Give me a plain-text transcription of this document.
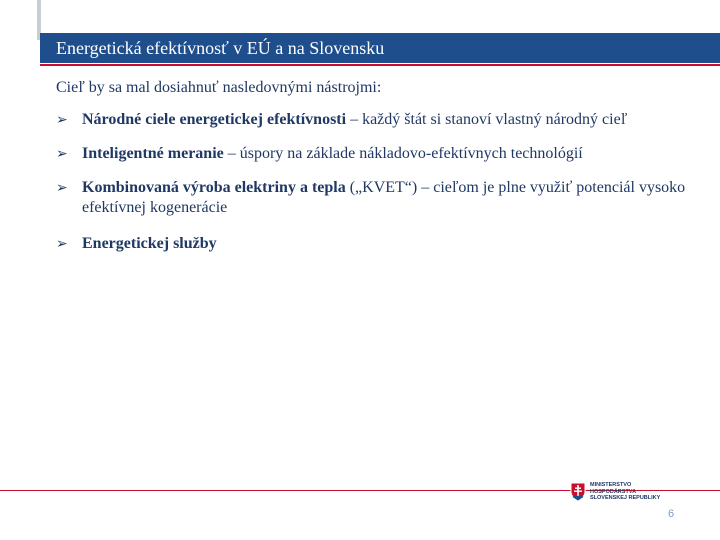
Energetická efektívnosť v EÚ a na Slovensku
Cieľ by sa mal dosiahnuť nasledovnými nástrojmi:
➢ Národné ciele energetickej efektívnosti – každý štát si stanoví vlastný národný cieľ
➢ Inteligentné meranie – úspory na základe nákladovo-efektívnych technológií
➢ Kombinovaná výroba elektriny a tepla („KVET“) – cieľom je plne využiť potenciál vysoko efektívnej kogenerácie
➢ Energetickej služby
MINISTERSTVO
HOSPODÁRSTVA
SLOVENSKEJ REPUBLIKY
6
